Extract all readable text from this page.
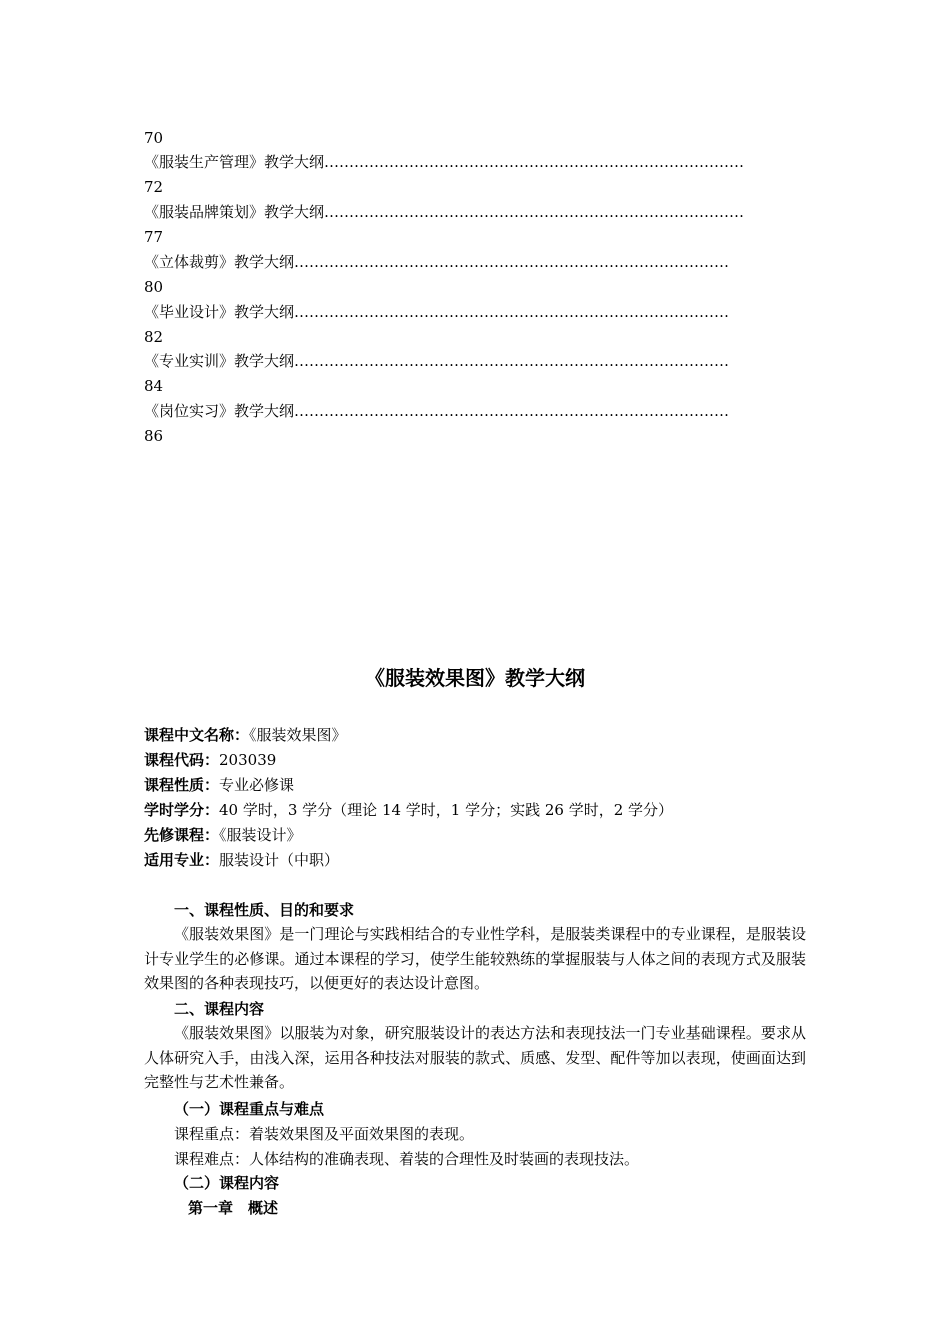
70
《服装生产管理》教学大纲…………………………………………………………………………
72
《服装品牌策划》教学大纲…………………………………………………………………………
77
《立体裁剪》教学大纲……………………………………………………………………………
80
《毕业设计》教学大纲……………………………………………………………………………
82
《专业实训》教学大纲……………………………………………………………………………
84
《岗位实习》教学大纲……………………………………………………………………………
86
《服装效果图》教学大纲
课程中文名称：《服装效果图》
课程代码：203039
课程性质：专业必修课
学时学分：40 学时，3 学分（理论 14 学时，1 学分；实践 26 学时，2 学分）
先修课程：《服装设计》
适用专业：服装设计（中职）
一、课程性质、目的和要求
《服装效果图》是一门理论与实践相结合的专业性学科，是服装类课程中的专业课程，是服装设计专业学生的必修课。通过本课程的学习，使学生能较熟练的掌握服装与人体之间的表现方式及服装效果图的各种表现技巧，以便更好的表达设计意图。
二、课程内容
《服装效果图》以服装为对象，研究服装设计的表达方法和表现技法一门专业基础课程。要求从人体研究入手，由浅入深，运用各种技法对服装的款式、质感、发型、配件等加以表现，使画面达到完整性与艺术性兼备。
（一）课程重点与难点
课程重点：着装效果图及平面效果图的表现。
课程难点：人体结构的准确表现、着装的合理性及时装画的表现技法。
（二）课程内容
第一章　概述
